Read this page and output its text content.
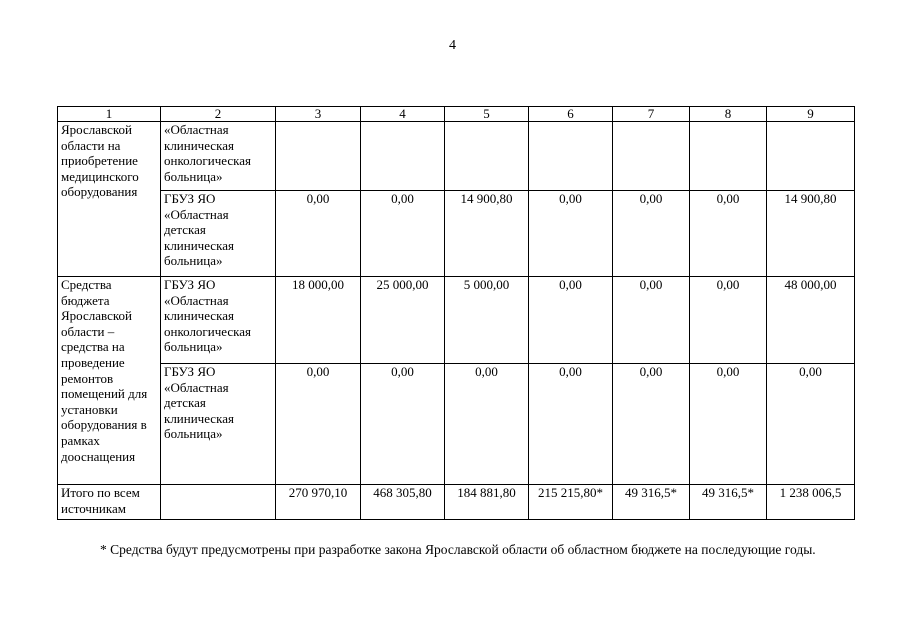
4
1	2	3	4	5	6	7	8	9
Ярославской области на приобретение медицинского оборудования	«Областная клиническая онкологическая больница»							
	ГБУЗ ЯО «Областная детская клиническая больница»	0,00	0,00	14 900,80	0,00	0,00	0,00	14 900,80
Средства бюджета Ярославской области – средства на проведение ремонтов помещений для установки оборудования в рамках дооснащения	ГБУЗ ЯО «Областная клиническая онкологическая больница»	18 000,00	25 000,00	5 000,00	0,00	0,00	0,00	48 000,00
	ГБУЗ ЯО «Областная детская клиническая больница»	0,00	0,00	0,00	0,00	0,00	0,00	0,00
Итого по всем источникам		270 970,10	468 305,80	184 881,80	215 215,80*	49 316,5*	49 316,5*	1 238 006,5
* Средства будут предусмотрены при разработке закона Ярославской области об областном бюджете на последующие годы.
